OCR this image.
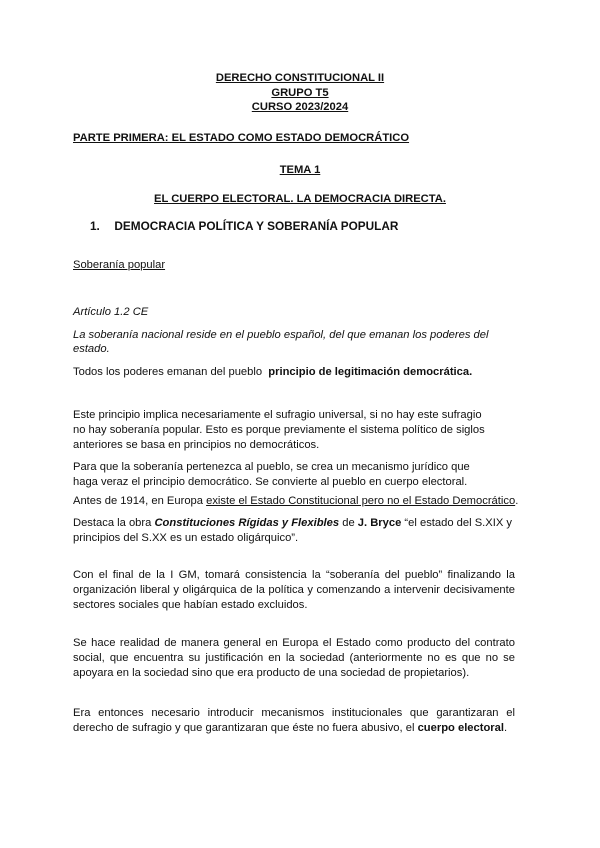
DERECHO CONSTITUCIONAL II

GRUPO T5

CURSO 2023/2024

PARTE PRIMERA: EL ESTADO COMO ESTADO DEMOCRÁTICO

TEMA 1

EL CUERPO ELECTORAL. LA DEMOCRACIA DIRECTA.

1. DEMOCRACIA POLÍTICA Y SOBERANÍA POPULAR

Soberanía popular

Artículo 1.2 CE

La soberanía nacional reside en el pueblo español, del que emanan los poderes del

estado.

Todos los poderes emanan del pueblo  principio de legitimación democrática.

Este principio implica necesariamente el sufragio universal, si no hay este sufragio

no hay soberanía popular. Esto es porque previamente el sistema político de siglos

anteriores se basa en principios no democráticos.

Para que la soberanía pertenezca al pueblo, se crea un mecanismo jurídico que

haga veraz el principio democrático. Se convierte al pueblo en cuerpo electoral.

Antes de 1914, en Europa existe el Estado Constitucional pero no el Estado Democrático.

Destaca la obra Constituciones Rígidas y Flexibles de J. Bryce “el estado del S.XIX y

principios del S.XX es un estado oligárquico”.

Con el final de la I GM, tomará consistencia la “soberanía del pueblo” finalizando la

organización liberal y oligárquica de la política y comenzando a intervenir decisivamente

sectores sociales que habían estado excluidos.

Se hace realidad de manera general en Europa el Estado como producto del contrato

social, que encuentra su justificación en la sociedad (anteriormente no es que no se

apoyara en la sociedad sino que era producto de una sociedad de propietarios).

Era entonces necesario introducir mecanismos institucionales que garantizaran el

derecho de sufragio y que garantizaran que éste no fuera abusivo, el cuerpo electoral.
